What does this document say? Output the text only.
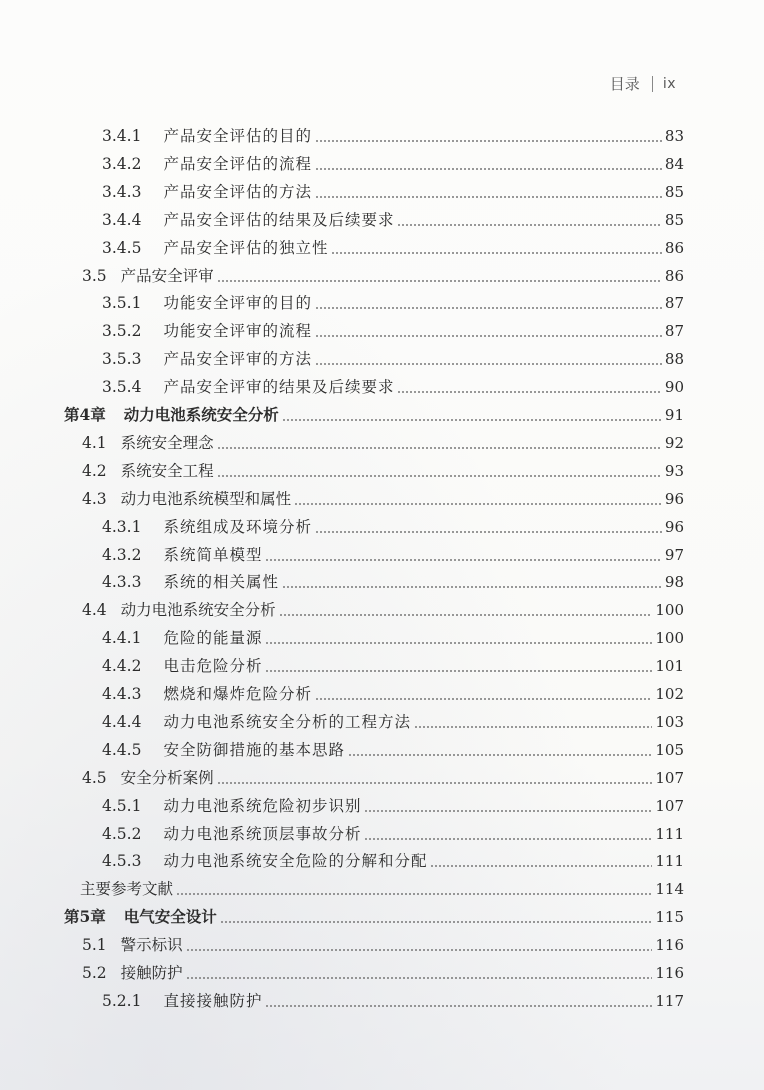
目录 ix
3.4.1	产品安全评估的目的	83
3.4.2	产品安全评估的流程	84
3.4.3	产品安全评估的方法	85
3.4.4	产品安全评估的结果及后续要求	85
3.4.5	产品安全评估的独立性	86
3.5 产品安全评审	86
3.5.1	功能安全评审的目的	87
3.5.2	功能安全评审的流程	87
3.5.3	产品安全评审的方法	88
3.5.4	产品安全评审的结果及后续要求	90
第4章	动力电池系统安全分析	91
4.1 系统安全理念	92
4.2 系统安全工程	93
4.3 动力电池系统模型和属性	96
4.3.1	系统组成及环境分析	96
4.3.2	系统简单模型	97
4.3.3	系统的相关属性	98
4.4 动力电池系统安全分析	100
4.4.1	危险的能量源	100
4.4.2	电击危险分析	101
4.4.3	燃烧和爆炸危险分析	102
4.4.4	动力电池系统安全分析的工程方法	103
4.4.5	安全防御措施的基本思路	105
4.5 安全分析案例	107
4.5.1	动力电池系统危险初步识别	107
4.5.2	动力电池系统顶层事故分析	111
4.5.3	动力电池系统安全危险的分解和分配	111
主要参考文献	114
第5章	电气安全设计	115
5.1 警示标识	116
5.2 接触防护	116
5.2.1	直接接触防护	117
